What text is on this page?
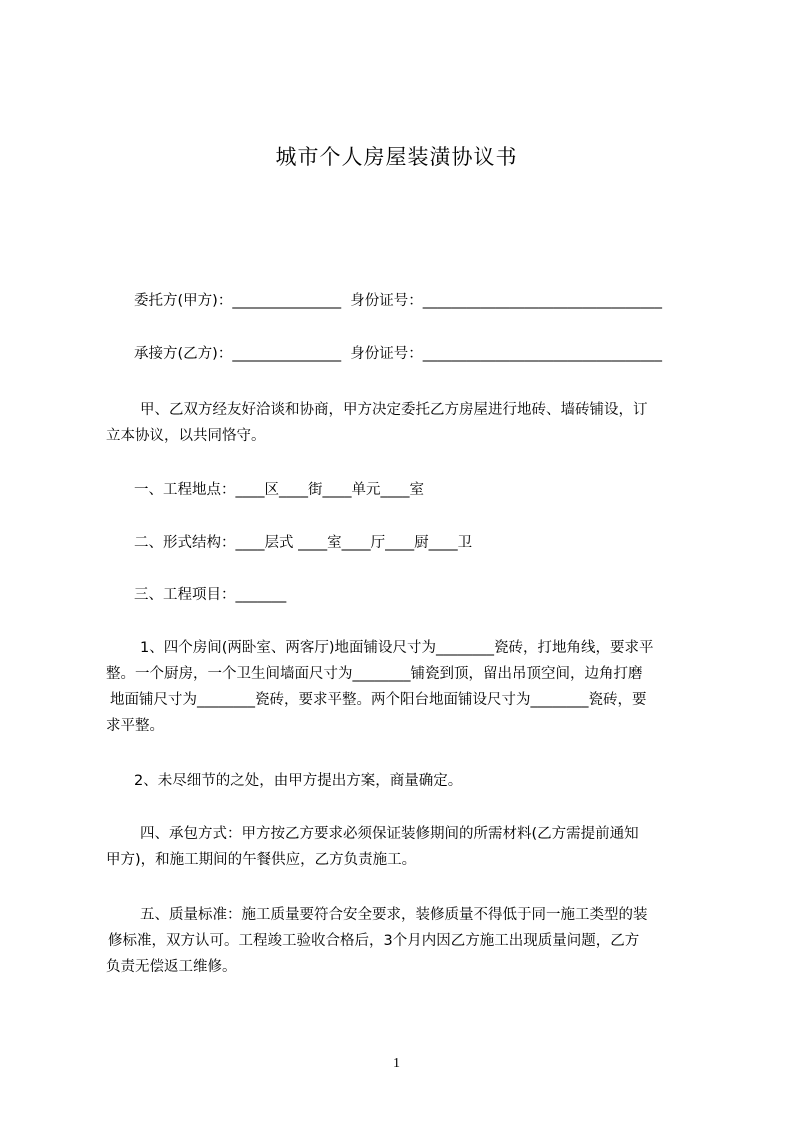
城市个人房屋装潢协议书
委托方(甲方)：_______________  身份证号：_________________________________
承接方(乙方)：_______________  身份证号：_________________________________
甲、乙双方经友好洽谈和协商，甲方决定委托乙方房屋进行地砖、墙砖铺设，订
立本协议，以共同恪守。
一、工程地点：____区____街____单元____室
二、形式结构：____层式 ____室____厅____厨____卫
三、工程项目：_______
1、四个房间(两卧室、两客厅)地面铺设尺寸为________瓷砖，打地角线，要求平
整。一个厨房，一个卫生间墙面尺寸为________铺瓷到顶，留出吊顶空间，边角打磨
地面铺尺寸为________瓷砖，要求平整。两个阳台地面铺设尺寸为________瓷砖，要
求平整。
2、未尽细节的之处，由甲方提出方案，商量确定。
四、承包方式：甲方按乙方要求必须保证装修期间的所需材料(乙方需提前通知
甲方)，和施工期间的午餐供应，乙方负责施工。
五、质量标准：施工质量要符合安全要求，装修质量不得低于同一施工类型的装
修标准，双方认可。工程竣工验收合格后，3个月内因乙方施工出现质量问题，乙方
负责无偿返工维修。
1
